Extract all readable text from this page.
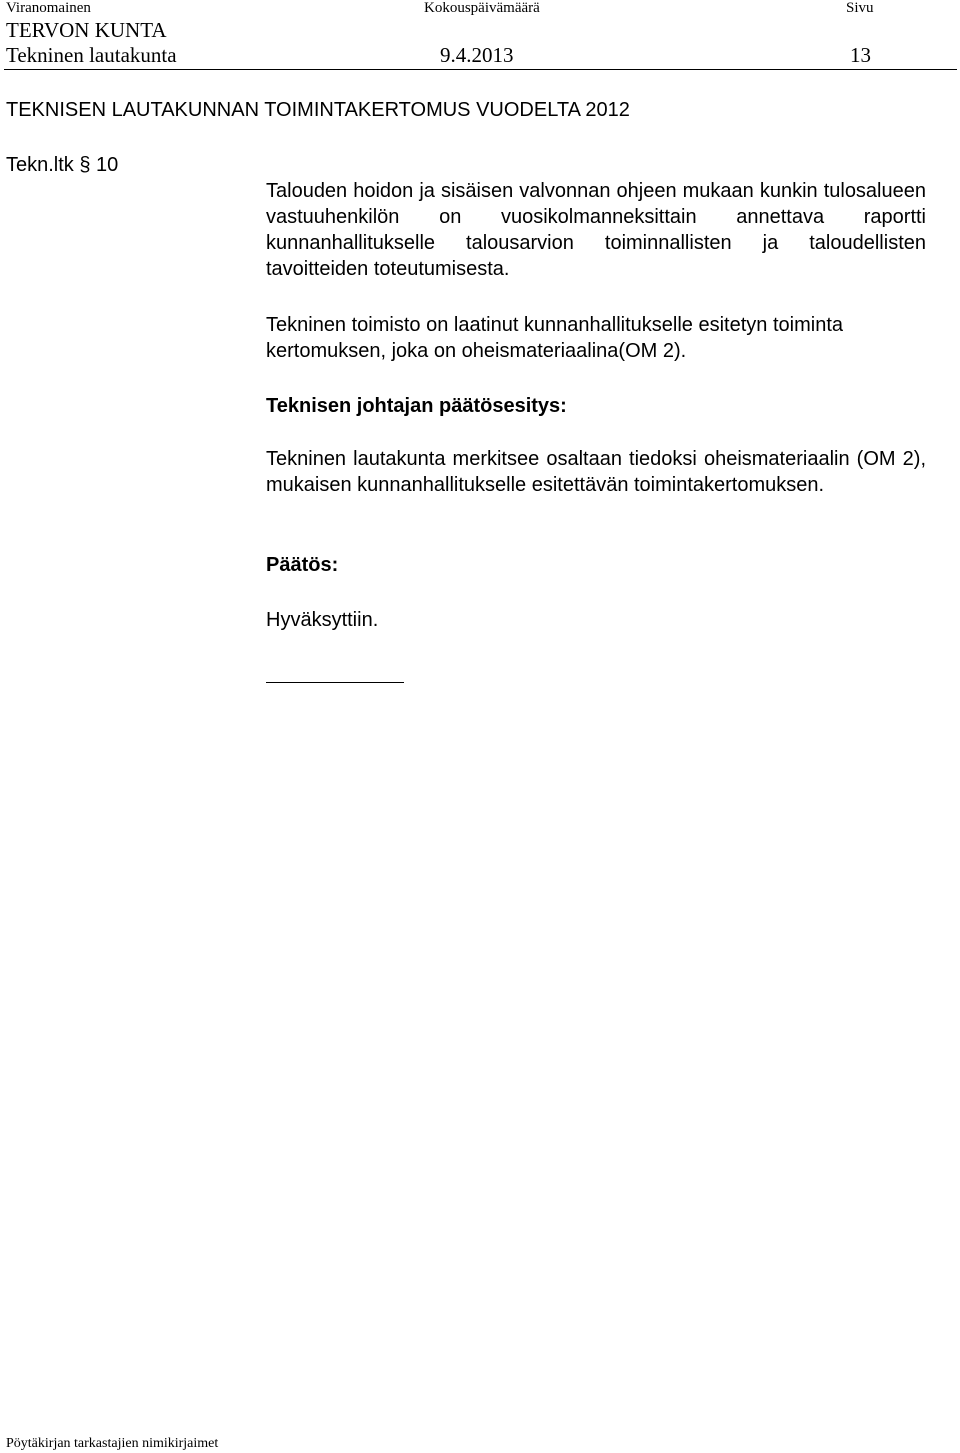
Viranomainen	Kokouspäivämäärä	Sivu
TERVON KUNTA
Tekninen lautakunta	9.4.2013	13
TEKNISEN LAUTAKUNNAN TOIMINTAKERTOMUS VUODELTA 2012
Tekn.ltk § 10

Talouden hoidon ja sisäisen valvonnan ohjeen mukaan kunkin tulosalueen vastuuhenkilön on vuosikolmanneksittain annettava raportti kunnanhallitukselle talousarvion toiminnallisten ja taloudellisten tavoitteiden toteutumisesta.

Tekninen toimisto on laatinut kunnanhallitukselle esitetyn toiminta kertomuksen, joka on oheismateriaalina(OM 2).

Teknisen johtajan päätösesitys:

Tekninen lautakunta merkitsee osaltaan tiedoksi oheismateriaalin (OM 2), mukaisen kunnanhallitukselle esitettävän toimintakertomuksen.

Päätös:
Hyväksyttiin.
Pöytäkirjan tarkastajien nimikirjaimet
